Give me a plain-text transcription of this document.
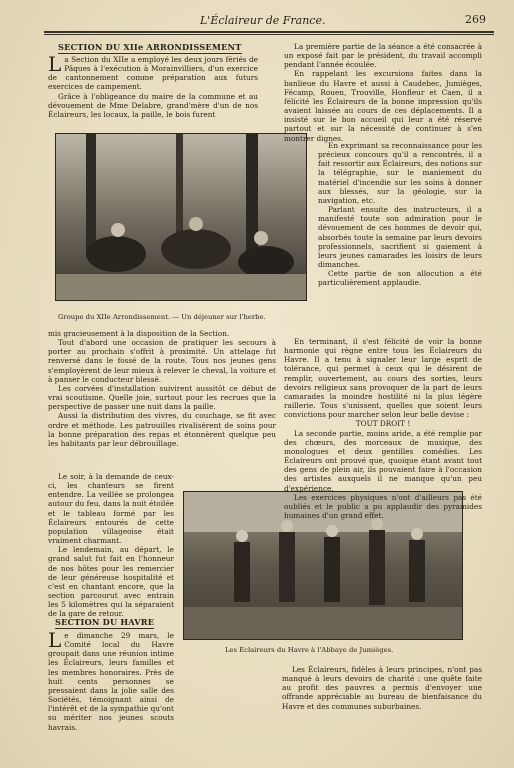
L'Éclaireur de France.	269
SECTION DU XIIe ARRONDISSEMENT

La Section du XIIe a employé les deux jours fériés de Pâques à l'exécution à Morainvilliers, d'un exercice de cantonnement comme préparation aux futurs exercices de campement.

Grâce à l'obligeance du maire de la commune et au dévouement de Mme Delabre, grand'mère d'un de nos Éclaireurs, les locaux, la paille, le bois furent

Groupe du XIIe Arrondissement. — Un déjeuner sur l'herbe.

mis gracieusement à la disposition de la Section.

Tout d'abord une occasion de pratiquer les secours à porter au prochain s'offrit à proximité. Un attelage fut renversé dans le fossé de la route. Tous nos jeunes gens s'employèrent de leur mieux à relever le cheval, la voiture et à panser le conducteur blessé.

Les corvées d'installation suivirent aussitôt ce début de vrai scoutisme. Quelle joie, surtout pour les recrues que la perspective de passer une nuit dans la paille.

Aussi la distribution des vivres, du couchage, se fit avec ordre et méthode. Les patrouilles rivalisèrent de soins pour la bonne préparation des repas et étonnèrent quelque peu les habitants par leur débrouillage.

Le soir, à la demande de ceux-ci, les chanteurs se firent entendre. La veillée se prolongea autour du feu, dans la nuit étoilée et le tableau formé par les Éclaireurs entourés de cette population villageoise était vraiment charmant.

Le lendemain, au départ, le grand salut fut fait en l'honneur de nos hôtes pour les remercier de leur généreuse hospitalité et c'est en chantant encore, que la section parcourut avec entrain les 5 kilomètres qui la séparaient de la gare de retour.

SECTION DU HAVRE

Le dimanche 29 mars, le Comité local du Havre groupait dans une réunion intime les Éclaireurs, leurs familles et les membres honoraires. Près de huit cents personnes se pressaient dans la jolie salle des Sociétés, témoignant ainsi de l'intérêt et de la sympathie qu'ont su mériter nos jeunes scouts havrais.

Les Éclaireurs du Havre à l'Abbaye de Jumièges.

La première partie de la séance a été consacrée à un exposé fait par le président, du travail accompli pendant l'année écoulée.

En rappelant les excursions faites dans la banlieue du Havre et aussi à Caudebec, Jumièges, Fécamp, Rouen, Trouville, Honfleur et Caen, il a félicité les Éclaireurs de la bonne impression qu'ils avaient laissée au cours de ces déplacements. Il a insisté sur le bon accueil qui leur a été réservé partout et sur la nécessité de continuer à s'en montrer dignes.

En exprimant sa reconnaissance pour les précieux concours qu'il a rencontrés, il a fait ressortir aux Éclaireurs, des notions sur la télégraphie, sur le maniement du matériel d'incendie sur les soins à donner aux blessés, sur la géologie, sur la navigation, etc.

Parlant ensuite des instructeurs, il a manifesté toute son admiration pour le dévouement de ces hommes de devoir qui, absorbés toute la semaine par leurs devoirs professionnels, sacrifient si gaiement à leurs jeunes camarades les loisirs de leurs dimanches.

Cette partie de son allocution a été particulièrement applaudie.

En terminant, il s'est félicité de voir la bonne harmonie qui règne entre tous les Éclaireurs du Havre. Il a tenu à signaler leur large esprit de tolérance, qui permet à ceux qui le désirent de remplir, ouvertement, au cours des sorties, leurs devoirs religieux sans provoquer de la part de leurs camarades la moindre hostilité ni la plus légère raillerie. Tous s'unissent, quelles que soient leurs convictions pour marcher selon leur belle devise :

TOUT DROIT !

La seconde partie, moins aride, a été remplie par des chœurs, des morceaux de musique, des monologues et deux gentilles comédies. Les Éclaireurs ont prouvé que, quoique étant avant tout des gens de plein air, ils pouvaient faire à l'occasion des artistes auxquels il ne manque qu'un peu d'expérience.

Les exercices physiques n'ont d'ailleurs pas été oubliés et le public a pu applaudir des pyramides humaines d'un grand effet.

Les Éclaireurs, fidèles à leurs principes, n'ont pas manqué à leurs devoirs de charité : une quête faite au profit des pauvres a permis d'envoyer une offrande appréciable au bureau de bienfaisance du Havre et des communes suburbaines.
